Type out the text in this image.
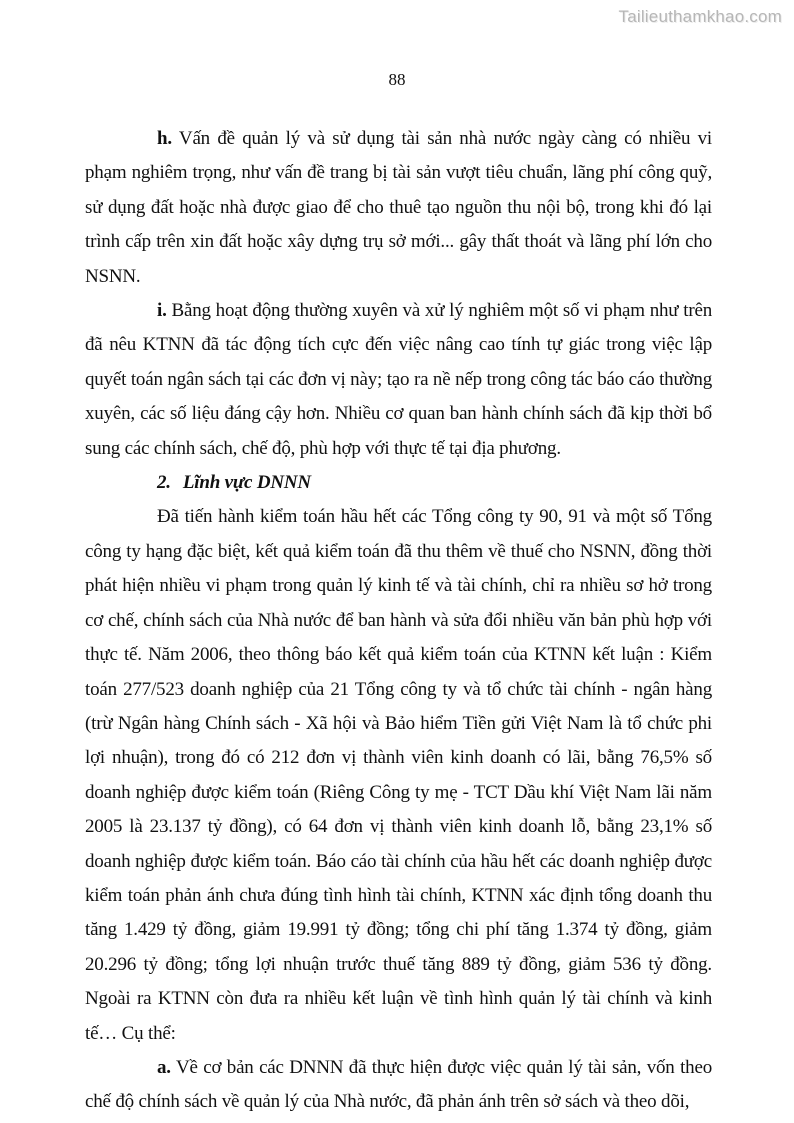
Tailieuthamkhao.com
88

h. Vấn đề quản lý và sử dụng tài sản nhà nước ngày càng có nhiều vi phạm nghiêm trọng, như vấn đề trang bị tài sản vượt tiêu chuẩn, lãng phí công quỹ, sử dụng đất hoặc nhà được giao để cho thuê tạo nguồn thu nội bộ, trong khi đó lại trình cấp trên xin đất hoặc xây dựng trụ sở mới... gây thất thoát và lãng phí lớn cho NSNN.

i. Bằng hoạt động thường xuyên và xử lý nghiêm một số vi phạm như trên đã nêu KTNN đã tác động tích cực đến việc nâng cao tính tự giác trong việc lập quyết toán ngân sách tại các đơn vị này; tạo ra nề nếp trong công tác báo cáo thường xuyên, các số liệu đáng cậy hơn. Nhiều cơ quan ban hành chính sách đã kịp thời bổ sung các chính sách, chế độ, phù hợp với thực tế tại địa phương.

2. Lĩnh vực DNNN

Đã tiến hành kiểm toán hầu hết các Tổng công ty 90, 91 và một số Tổng công ty hạng đặc biệt, kết quả kiểm toán đã thu thêm về thuế cho NSNN, đồng thời phát hiện nhiều vi phạm trong quản lý kinh tế và tài chính, chỉ ra nhiều sơ hở trong cơ chế, chính sách của Nhà nước để ban hành và sửa đổi nhiều văn bản phù hợp với thực tế. Năm 2006, theo thông báo kết quả kiểm toán của KTNN kết luận : Kiểm toán 277/523 doanh nghiệp của 21 Tổng công ty và tổ chức tài chính - ngân hàng (trừ Ngân hàng Chính sách - Xã hội và Bảo hiểm Tiền gửi Việt Nam là tổ chức phi lợi nhuận), trong đó có 212 đơn vị thành viên kinh doanh có lãi, bằng 76,5% số doanh nghiệp được kiểm toán (Riêng Công ty mẹ - TCT Dầu khí Việt Nam lãi năm 2005 là 23.137 tỷ đồng), có 64 đơn vị thành viên kinh doanh lỗ, bằng 23,1% số doanh nghiệp được kiểm toán. Báo cáo tài chính của hầu hết các doanh nghiệp được kiểm toán phản ánh chưa đúng tình hình tài chính, KTNN xác định tổng doanh thu tăng 1.429 tỷ đồng, giảm 19.991 tỷ đồng; tổng chi phí tăng 1.374 tỷ đồng, giảm 20.296 tỷ đồng; tổng lợi nhuận trước thuế tăng 889 tỷ đồng, giảm 536 tỷ đồng. Ngoài ra KTNN còn đưa ra nhiều kết luận về tình hình quản lý tài chính và kinh tế… Cụ thể:

a. Về cơ bản các DNNN đã thực hiện được việc quản lý tài sản, vốn theo chế độ chính sách về quản lý của Nhà nước, đã phản ánh trên sở sách và theo dõi,
